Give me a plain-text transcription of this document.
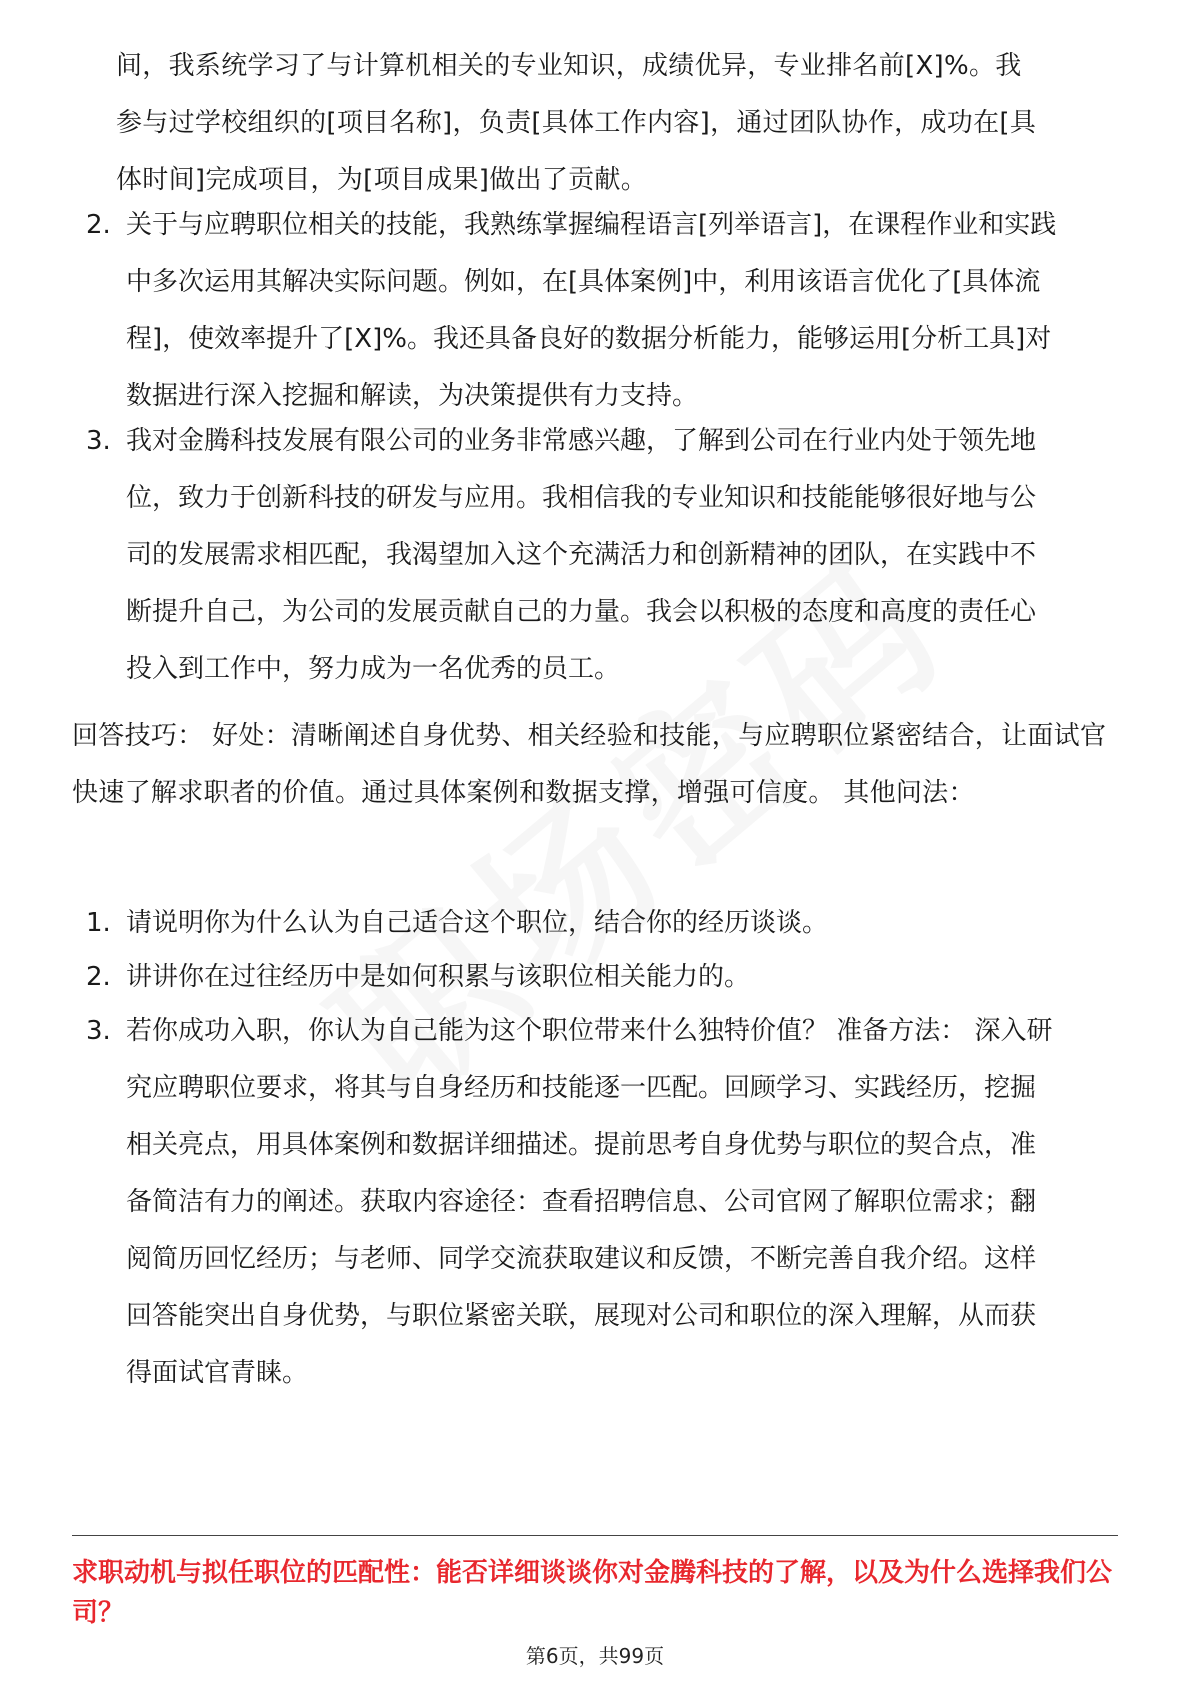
间，我系统学习了与计算机相关的专业知识，成绩优异，专业排名前[X]%。我参与过学校组织的[项目名称]，负责[具体工作内容]，通过团队协作，成功在[具体时间]完成项目，为[项目成果]做出了贡献。
2. 关于与应聘职位相关的技能，我熟练掌握编程语言[列举语言]，在课程作业和实践中多次运用其解决实际问题。例如，在[具体案例]中，利用该语言优化了[具体流程]，使效率提升了[X]%。我还具备良好的数据分析能力，能够运用[分析工具]对数据进行深入挖掘和解读，为决策提供有力支持。
3. 我对金腾科技发展有限公司的业务非常感兴趣，了解到公司在行业内处于领先地位，致力于创新科技的研发与应用。我相信我的专业知识和技能能够很好地与公司的发展需求相匹配，我渴望加入这个充满活力和创新精神的团队，在实践中不断提升自己，为公司的发展贡献自己的力量。我会以积极的态度和高度的责任心投入到工作中，努力成为一名优秀的员工。
回答技巧： 好处：清晰阐述自身优势、相关经验和技能，与应聘职位紧密结合，让面试官快速了解求职者的价值。通过具体案例和数据支撑，增强可信度。 其他问法：
1. 请说明你为什么认为自己适合这个职位，结合你的经历谈谈。
2. 讲讲你在过往经历中是如何积累与该职位相关能力的。
3. 若你成功入职，你认为自己能为这个职位带来什么独特价值？ 准备方法： 深入研究应聘职位要求，将其与自身经历和技能逐一匹配。回顾学习、实践经历，挖掘相关亮点，用具体案例和数据详细描述。提前思考自身优势与职位的契合点，准备简洁有力的阐述。获取内容途径：查看招聘信息、公司官网了解职位需求；翻阅简历回忆经历；与老师、同学交流获取建议和反馈，不断完善自我介绍。这样回答能突出自身优势，与职位紧密关联，展现对公司和职位的深入理解，从而获得面试官青睐。
求职动机与拟任职位的匹配性：能否详细谈谈你对金腾科技的了解，以及为什么选择我们公司？
第6页，共99页
